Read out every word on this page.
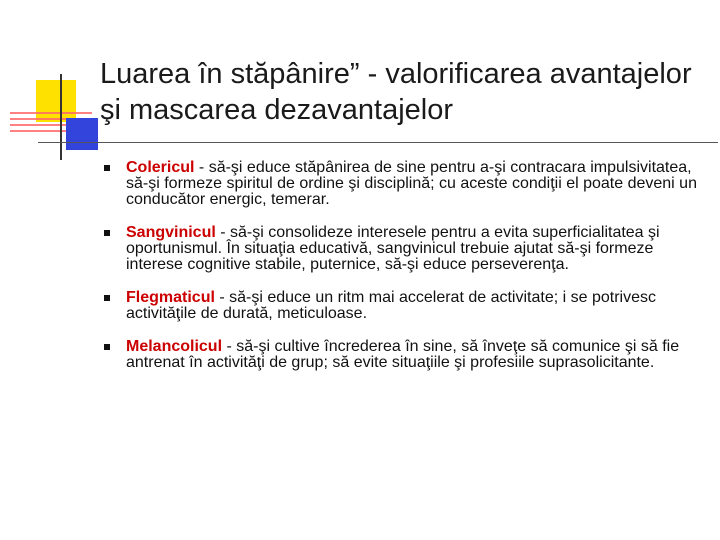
Luarea în stăpânire” - valorificarea avantajelor şi mascarea dezavantajelor
Colericul - să-şi educe stăpânirea de sine pentru a-şi contracara impulsivitatea, să-şi formeze spiritul de ordine şi disciplină; cu aceste condiţii el poate deveni un conducător energic, temerar.
Sangvinicul - să-şi consolideze interesele pentru a evita superficialitatea şi oportunismul. În situaţia educativă, sangvinicul trebuie ajutat să-şi formeze interese cognitive stabile, puternice, să-şi educe perseverenţa.
Flegmaticul - să-şi educe un ritm mai accelerat de activitate; i se potrivesc activităţile de durată, meticuloase.
Melancolicul - să-şi cultive încrederea în sine, să înveţe să comunice şi să fie antrenat în activităţi de grup; să evite situaţiile şi profesiile suprasolicitante.
